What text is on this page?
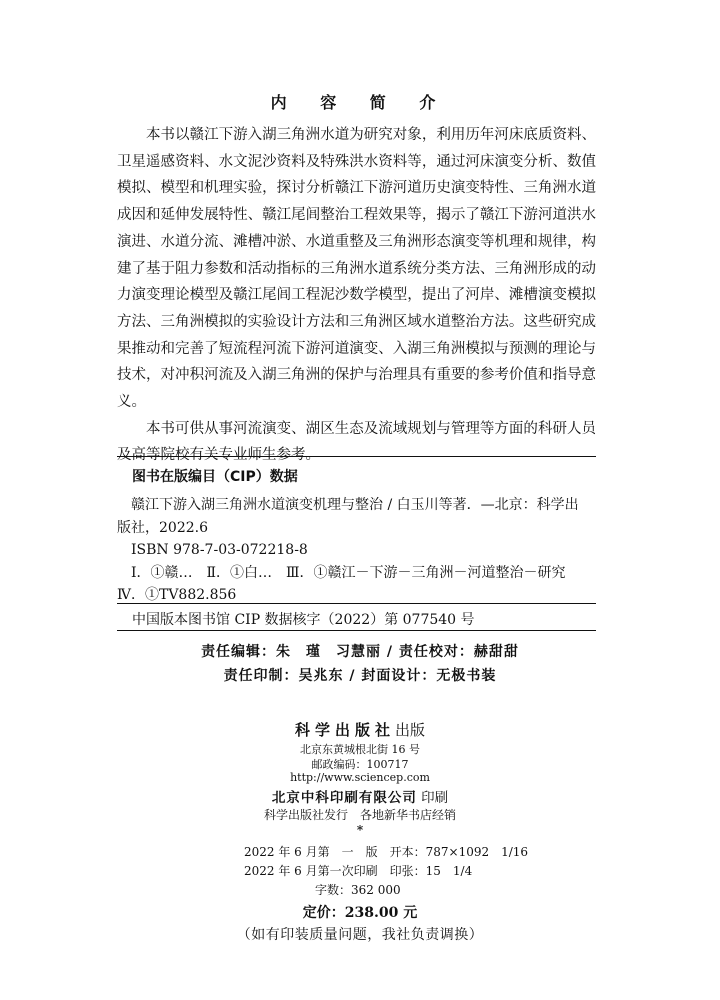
内 容 简 介

本书以赣江下游入湖三角洲水道为研究对象，利用历年河床底质资料、卫星遥感资料、水文泥沙资料及特殊洪水资料等，通过河床演变分析、数值模拟、模型和机理实验，探讨分析赣江下游河道历史演变特性、三角洲水道成因和延伸发展特性、赣江尾闾整治工程效果等，揭示了赣江下游河道洪水演进、水道分流、滩槽冲淤、水道重整及三角洲形态演变等机理和规律，构建了基于阻力参数和活动指标的三角洲水道系统分类方法、三角洲形成的动力演变理论模型及赣江尾闾工程泥沙数学模型，提出了河岸、滩槽演变模拟方法、三角洲模拟的实验设计方法和三角洲区域水道整治方法。这些研究成果推动和完善了短流程河流下游河道演变、入湖三角洲模拟与预测的理论与技术，对冲积河流及入湖三角洲的保护与治理具有重要的参考价值和指导意义。

本书可供从事河流演变、湖区生态及流域规划与管理等方面的科研人员及高等院校有关专业师生参考。

图书在版编目（CIP）数据
赣江下游入湖三角洲水道演变机理与整治 / 白玉川等著．—北京：科学出
版社，2022.6
ISBN 978-7-03-072218-8
Ⅰ．①赣…　Ⅱ．①白…　Ⅲ．①赣江－下游－三角洲－河道整治－研究
Ⅳ．①TV882.856
中国版本图书馆 CIP 数据核字（2022）第 077540 号
责任编辑：朱　瑾　习慧丽 / 责任校对：赫甜甜
责任印制：吴兆东 / 封面设计：无极书装
科学出版社出版
北京东黄城根北街 16 号
邮政编码：100717
http://www.sciencep.com
北京中科印刷有限公司 印刷
科学出版社发行　各地新华书店经销
*
2022 年 6 月第　一　版　开本：787×1092　1/16
2022 年 6 月第一次印刷　印张：15　1/4
字数：362 000
定价：238.00 元
（如有印装质量问题，我社负责调换）
